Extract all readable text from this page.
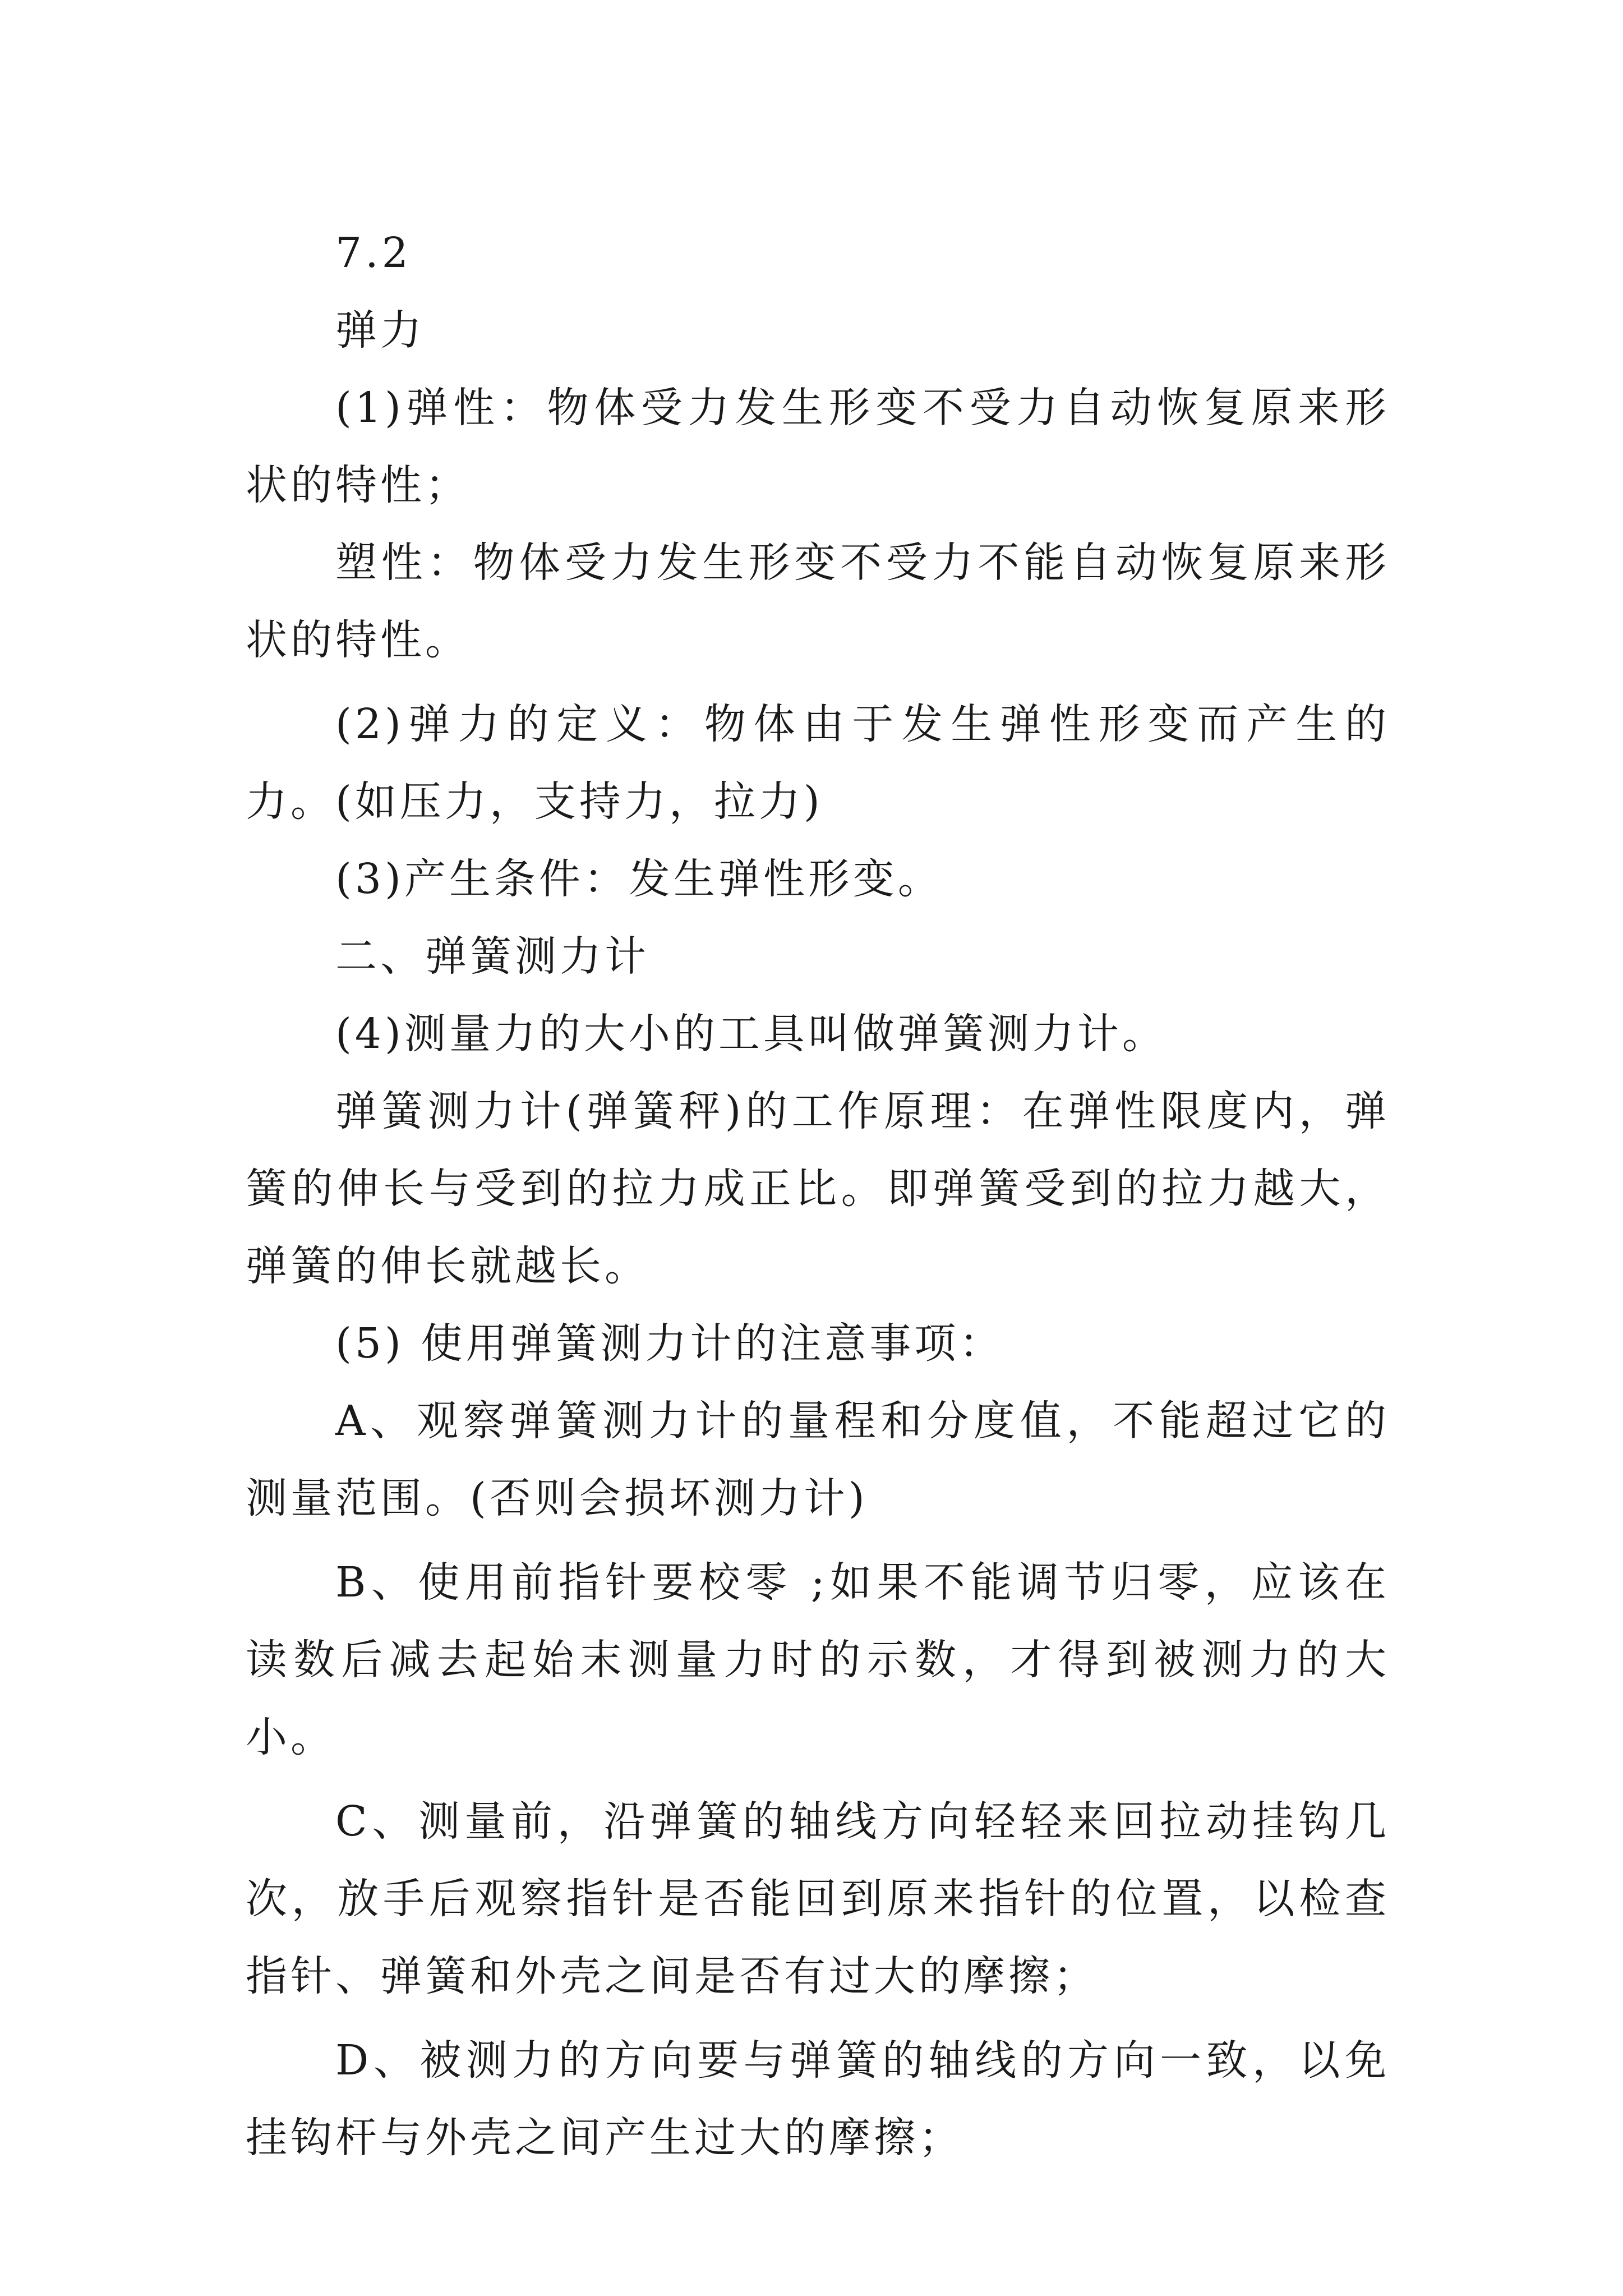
7.2

弹力

(1)弹性：物体受力发生形变不受力自动恢复原来形状的特性；

塑性：物体受力发生形变不受力不能自动恢复原来形状的特性。

(2)弹力的定义：物体由于发生弹性形变而产生的力。(如压力，支持力，拉力)

(3)产生条件：发生弹性形变。

二、弹簧测力计

(4)测量力的大小的工具叫做弹簧测力计。

弹簧测力计(弹簧秤)的工作原理：在弹性限度内，弹簧的伸长与受到的拉力成正比。即弹簧受到的拉力越大，弹簧的伸长就越长。

(5) 使用弹簧测力计的注意事项：

A、观察弹簧测力计的量程和分度值，不能超过它的测量范围。(否则会损坏测力计)

B、使用前指针要校零 ;如果不能调节归零，应该在读数后减去起始末测量力时的示数，才得到被测力的大小。

C、测量前，沿弹簧的轴线方向轻轻来回拉动挂钩几次，放手后观察指针是否能回到原来指针的位置，以检查指针、弹簧和外壳之间是否有过大的摩擦；

D、被测力的方向要与弹簧的轴线的方向一致，以免挂钩杆与外壳之间产生过大的摩擦；
